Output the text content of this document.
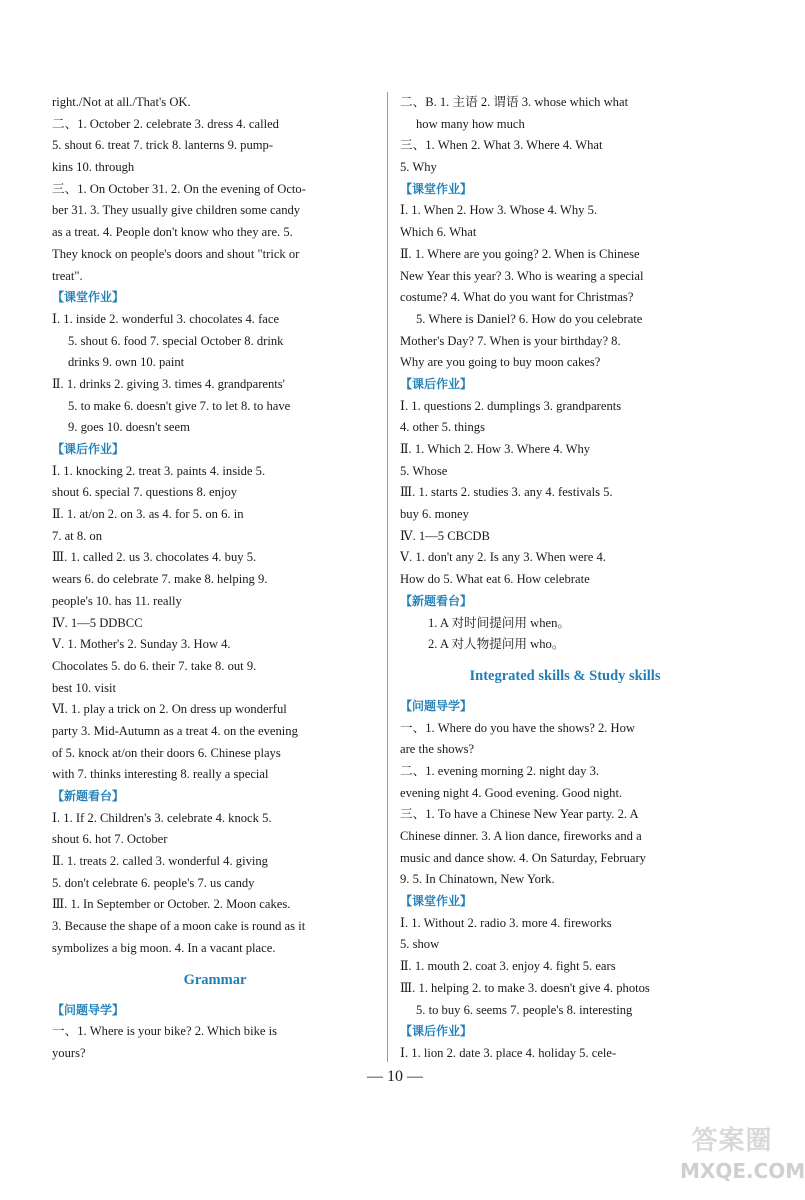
right./Not at all./That's OK.
二、1. October 2. celebrate 3. dress 4. called
5. shout 6. treat 7. trick 8. lanterns 9. pump-
kins 10. through
三、1. On October 31. 2. On the evening of Octo-
ber 31. 3. They usually give children some candy
as a treat. 4. People don't know who they are. 5.
They knock on people's doors and shout "trick or
treat".
【课堂作业】
Ⅰ. 1. inside 2. wonderful 3. chocolates 4. face
5. shout 6. food 7. special October 8. drink
drinks 9. own 10. paint
Ⅱ. 1. drinks 2. giving 3. times 4. grandparents'
5. to make 6. doesn't give 7. to let 8. to have
9. goes 10. doesn't seem
【课后作业】
Ⅰ. 1. knocking 2. treat 3. paints 4. inside 5.
shout 6. special 7. questions 8. enjoy
Ⅱ. 1. at/on 2. on 3. as 4. for 5. on 6. in
7. at 8. on
Ⅲ. 1. called 2. us 3. chocolates 4. buy 5.
wears 6. do celebrate 7. make 8. helping 9.
people's 10. has 11. really
Ⅳ. 1—5 DDBCC
Ⅴ. 1. Mother's 2. Sunday 3. How 4.
Chocolates 5. do 6. their 7. take 8. out 9.
best 10. visit
Ⅵ. 1. play a trick on 2. On dress up wonderful
party 3. Mid-Autumn as a treat 4. on the evening
of 5. knock at/on their doors 6. Chinese plays
with 7. thinks interesting 8. really a special
【新题看台】
Ⅰ. 1. If 2. Children's 3. celebrate 4. knock 5.
shout 6. hot 7. October
Ⅱ. 1. treats 2. called 3. wonderful 4. giving
5. don't celebrate 6. people's 7. us candy
Ⅲ. 1. In September or October. 2. Moon cakes.
3. Because the shape of a moon cake is round as it
symbolizes a big moon. 4. In a vacant place.
Grammar
【问题导学】
一、1. Where is your bike? 2. Which bike is
yours?
二、B. 1. 主语 2. 谓语 3. whose which what
how many how much
三、1. When 2. What 3. Where 4. What
5. Why
【课堂作业】
Ⅰ. 1. When 2. How 3. Whose 4. Why 5.
Which 6. What
Ⅱ. 1. Where are you going? 2. When is Chinese
New Year this year? 3. Who is wearing a special
costume? 4. What do you want for Christmas?
5. Where is Daniel? 6. How do you celebrate
Mother's Day? 7. When is your birthday? 8.
Why are you going to buy moon cakes?
【课后作业】
Ⅰ. 1. questions 2. dumplings 3. grandparents
4. other 5. things
Ⅱ. 1. Which 2. How 3. Where 4. Why
5. Whose
Ⅲ. 1. starts 2. studies 3. any 4. festivals 5.
buy 6. money
Ⅳ. 1—5 CBCDB
Ⅴ. 1. don't any 2. Is any 3. When were 4.
How do 5. What eat 6. How celebrate
【新题看台】
1. A 对时间提问用 when。
2. A 对人物提问用 who。
Integrated skills & Study skills
【问题导学】
一、1. Where do you have the shows? 2. How
are the shows?
二、1. evening morning 2. night day 3.
evening night 4. Good evening. Good night.
三、1. To have a Chinese New Year party. 2. A
Chinese dinner. 3. A lion dance, fireworks and a
music and dance show. 4. On Saturday, February
9. 5. In Chinatown, New York.
【课堂作业】
Ⅰ. 1. Without 2. radio 3. more 4. fireworks
5. show
Ⅱ. 1. mouth 2. coat 3. enjoy 4. fight 5. ears
Ⅲ. 1. helping 2. to make 3. doesn't give 4. photos
5. to buy 6. seems 7. people's 8. interesting
【课后作业】
Ⅰ. 1. lion 2. date 3. place 4. holiday 5. cele-
— 10 —
答案圈
MXQE.COM
